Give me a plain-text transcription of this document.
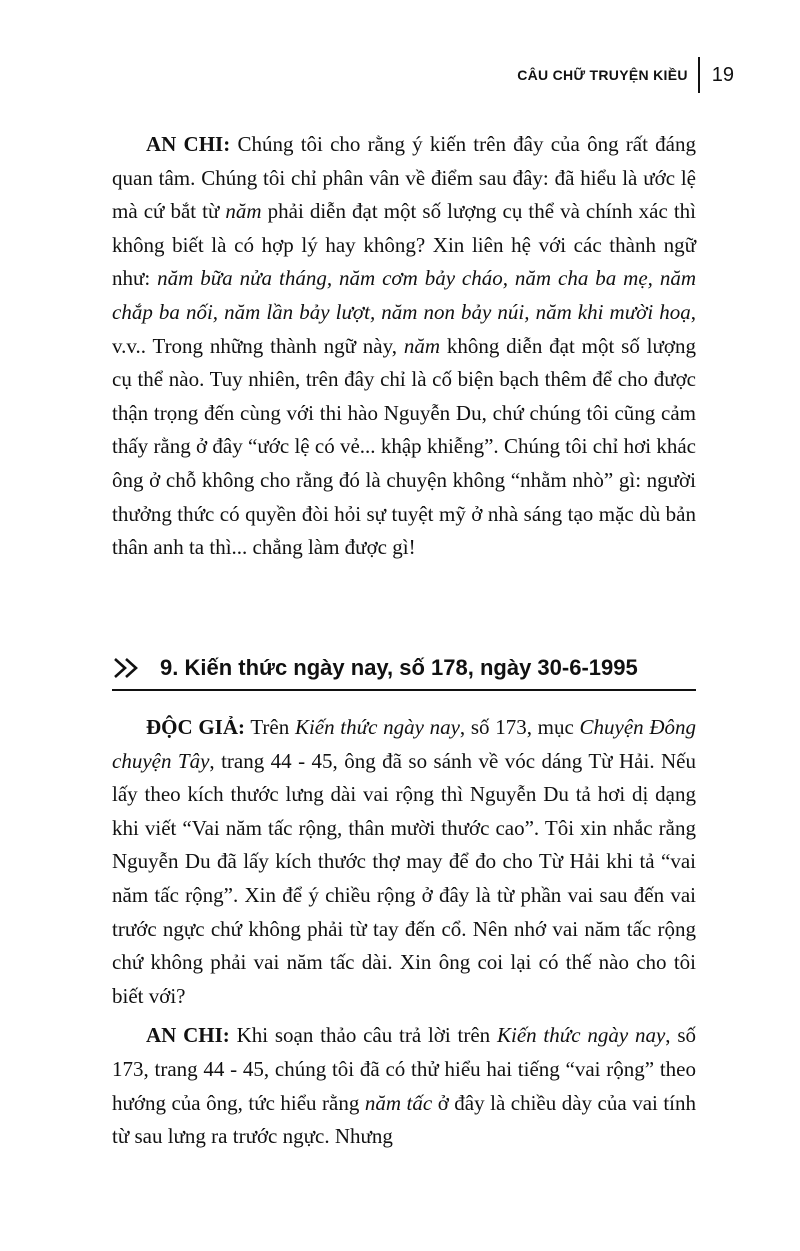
CÂU CHỮ TRUYỆN KIỀU	19

AN CHI: Chúng tôi cho rằng ý kiến trên đây của ông rất đáng quan tâm. Chúng tôi chỉ phân vân về điểm sau đây: đã hiểu là ước lệ mà cứ bắt từ năm phải diễn đạt một số lượng cụ thể và chính xác thì không biết là có hợp lý hay không? Xin liên hệ với các thành ngữ như: năm bữa nửa tháng, năm cơm bảy cháo, năm cha ba mẹ, năm chắp ba nối, năm lần bảy lượt, năm non bảy núi, năm khi mười hoạ, v.v.. Trong những thành ngữ này, năm không diễn đạt một số lượng cụ thể nào. Tuy nhiên, trên đây chỉ là cố biện bạch thêm để cho được thận trọng đến cùng với thi hào Nguyễn Du, chứ chúng tôi cũng cảm thấy rằng ở đây “ước lệ có vẻ... khập khiễng”. Chúng tôi chỉ hơi khác ông ở chỗ không cho rằng đó là chuyện không “nhằm nhò” gì: người thưởng thức có quyền đòi hỏi sự tuyệt mỹ ở nhà sáng tạo mặc dù bản thân anh ta thì... chẳng làm được gì!

9. Kiến thức ngày nay, số 178, ngày 30-6-1995

ĐỘC GIẢ: Trên Kiến thức ngày nay, số 173, mục Chuyện Đông chuyện Tây, trang 44 - 45, ông đã so sánh về vóc dáng Từ Hải. Nếu lấy theo kích thước lưng dài vai rộng thì Nguyễn Du tả hơi dị dạng khi viết “Vai năm tấc rộng, thân mười thước cao”. Tôi xin nhắc rằng Nguyễn Du đã lấy kích thước thợ may để đo cho Từ Hải khi tả “vai năm tấc rộng”. Xin để ý chiều rộng ở đây là từ phần vai sau đến vai trước ngực chứ không phải từ tay đến cổ. Nên nhớ vai năm tấc rộng chứ không phải vai năm tấc dài. Xin ông coi lại có thế nào cho tôi biết với?

AN CHI: Khi soạn thảo câu trả lời trên Kiến thức ngày nay, số 173, trang 44 - 45, chúng tôi đã có thử hiểu hai tiếng “vai rộng” theo hướng của ông, tức hiểu rằng năm tấc ở đây là chiều dày của vai tính từ sau lưng ra trước ngực. Nhưng
